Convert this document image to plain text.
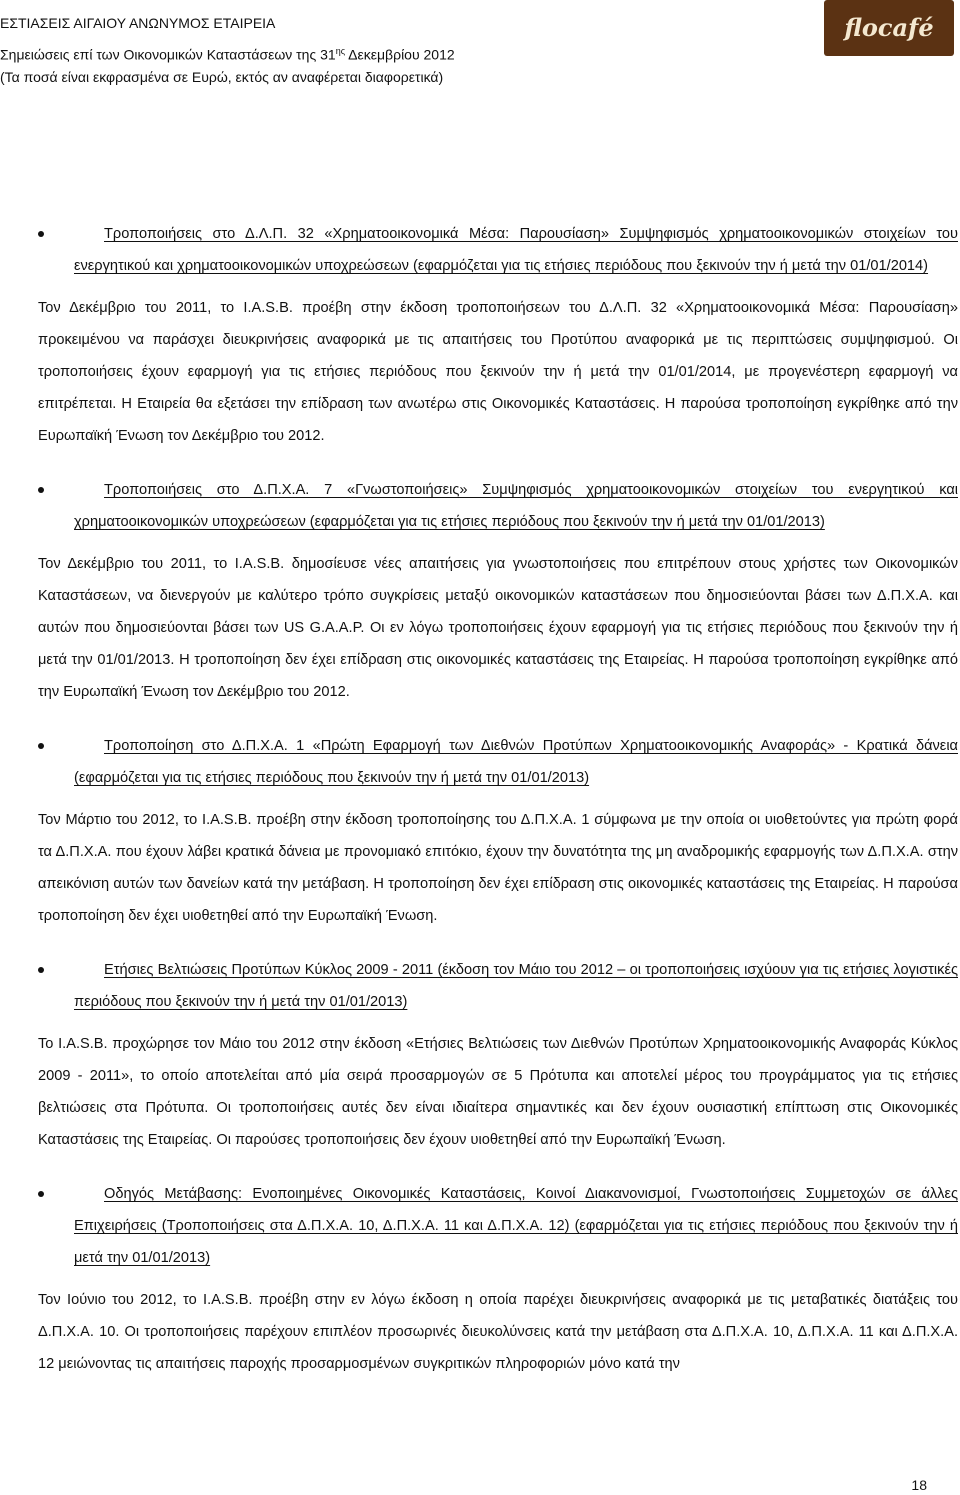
ΕΣΤΙΑΣΕΙΣ ΑΙΓΑΙΟΥ ΑΝΩΝΥΜΟΣ ΕΤΑΙΡΕΙΑ
Σημειώσεις επί των Οικονομικών Καταστάσεων της $31^{\eta\varsigma}$ Δεκεμβρίου 2012
(Τα ποσά είναι εκφρασμένα σε Ευρώ, εκτός αν αναφέρεται διαφορετικά)
flocafé
Τροποποιήσεις στο Δ.Λ.Π. 32 «Χρηματοοικονομικά Μέσα: Παρουσίαση» Συμψηφισμός χρηματοοικονομικών στοιχείων του ενεργητικού και χρηματοοικονομικών υποχρεώσεων (εφαρμόζεται για τις ετήσιες περιόδους που ξεκινούν την ή μετά την 01/01/2014)

Τον Δεκέμβριο του 2011, το I.A.S.B. προέβη στην έκδοση τροποποιήσεων του Δ.Λ.Π. 32 «Χρηματοοικονομικά Μέσα: Παρουσίαση» προκειμένου να παράσχει διευκρινήσεις αναφορικά με τις απαιτήσεις του Προτύπου αναφορικά με τις περιπτώσεις συμψηφισμού. Οι τροποποιήσεις έχουν εφαρμογή για τις ετήσιες περιόδους που ξεκινούν την ή μετά την 01/01/2014, με προγενέστερη εφαρμογή να επιτρέπεται. Η Εταιρεία θα εξετάσει την επίδραση των ανωτέρω στις Οικονομικές Καταστάσεις. Η παρούσα τροποποίηση εγκρίθηκε από την Ευρωπαϊκή Ένωση τον Δεκέμβριο του 2012.

Τροποποιήσεις στο Δ.Π.Χ.Α. 7 «Γνωστοποιήσεις» Συμψηφισμός χρηματοοικονομικών στοιχείων του ενεργητικού και χρηματοοικονομικών υποχρεώσεων (εφαρμόζεται για τις ετήσιες περιόδους που ξεκινούν την ή μετά την 01/01/2013)

Τον Δεκέμβριο του 2011, το I.A.S.B. δημοσίευσε νέες απαιτήσεις για γνωστοποιήσεις που επιτρέπουν στους χρήστες των Οικονομικών Καταστάσεων, να διενεργούν με καλύτερο τρόπο συγκρίσεις μεταξύ οικονομικών καταστάσεων που δημοσιεύονται βάσει των Δ.Π.Χ.Α. και αυτών που δημοσιεύονται βάσει των US G.A.A.P. Οι εν λόγω τροποποιήσεις έχουν εφαρμογή για τις ετήσιες περιόδους που ξεκινούν την ή μετά την 01/01/2013. Η τροποποίηση δεν έχει επίδραση στις οικονομικές καταστάσεις της Εταιρείας. Η παρούσα τροποποίηση εγκρίθηκε από την Ευρωπαϊκή Ένωση τον Δεκέμβριο του 2012.

Τροποποίηση στο Δ.Π.Χ.Α. 1 «Πρώτη Εφαρμογή των Διεθνών Προτύπων Χρηματοοικονομικής Αναφοράς» - Κρατικά δάνεια (εφαρμόζεται για τις ετήσιες περιόδους που ξεκινούν την ή μετά την 01/01/2013)

Τον Μάρτιο του 2012, το I.A.S.B. προέβη στην έκδοση τροποποίησης του Δ.Π.Χ.Α. 1 σύμφωνα με την οποία οι υιοθετούντες για πρώτη φορά τα Δ.Π.Χ.Α. που έχουν λάβει κρατικά δάνεια με προνομιακό επιτόκιο, έχουν την δυνατότητα της μη αναδρομικής εφαρμογής των Δ.Π.Χ.Α. στην απεικόνιση αυτών των δανείων κατά την μετάβαση. Η τροποποίηση δεν έχει επίδραση στις οικονομικές καταστάσεις της Εταιρείας. Η παρούσα τροποποίηση δεν έχει υιοθετηθεί από την Ευρωπαϊκή Ένωση.

Ετήσιες Βελτιώσεις Προτύπων Κύκλος 2009 - 2011 (έκδοση τον Μάιο του 2012 – οι τροποποιήσεις ισχύουν για τις ετήσιες λογιστικές περιόδους που ξεκινούν την ή μετά την 01/01/2013)

Το I.A.S.B. προχώρησε τον Μάιο του 2012 στην έκδοση «Ετήσιες Βελτιώσεις των Διεθνών Προτύπων Χρηματοοικονομικής Αναφοράς Κύκλος 2009 - 2011», το οποίο αποτελείται από μία σειρά προσαρμογών σε 5 Πρότυπα και αποτελεί μέρος του προγράμματος για τις ετήσιες βελτιώσεις στα Πρότυπα. Οι τροποποιήσεις αυτές δεν είναι ιδιαίτερα σημαντικές και δεν έχουν ουσιαστική επίπτωση στις Οικονομικές Καταστάσεις της Εταιρείας. Οι παρούσες τροποποιήσεις δεν έχουν υιοθετηθεί από την Ευρωπαϊκή Ένωση.

Οδηγός Μετάβασης: Ενοποιημένες Οικονομικές Καταστάσεις, Κοινοί Διακανονισμοί, Γνωστοποιήσεις Συμμετοχών σε άλλες Επιχειρήσεις (Τροποποιήσεις στα Δ.Π.Χ.Α. 10, Δ.Π.Χ.Α. 11 και Δ.Π.Χ.Α. 12) (εφαρμόζεται για τις ετήσιες περιόδους που ξεκινούν την ή μετά την 01/01/2013)

Τον Ιούνιο του 2012, το I.A.S.B. προέβη στην εν λόγω έκδοση η οποία παρέχει διευκρινήσεις αναφορικά με τις μεταβατικές διατάξεις του Δ.Π.Χ.Α. 10. Οι τροποποιήσεις παρέχουν επιπλέον προσωρινές διευκολύνσεις κατά την μετάβαση στα Δ.Π.Χ.Α. 10, Δ.Π.Χ.Α. 11 και Δ.Π.Χ.Α. 12 μειώνοντας τις απαιτήσεις παροχής προσαρμοσμένων συγκριτικών πληροφοριών μόνο κατά την

18
